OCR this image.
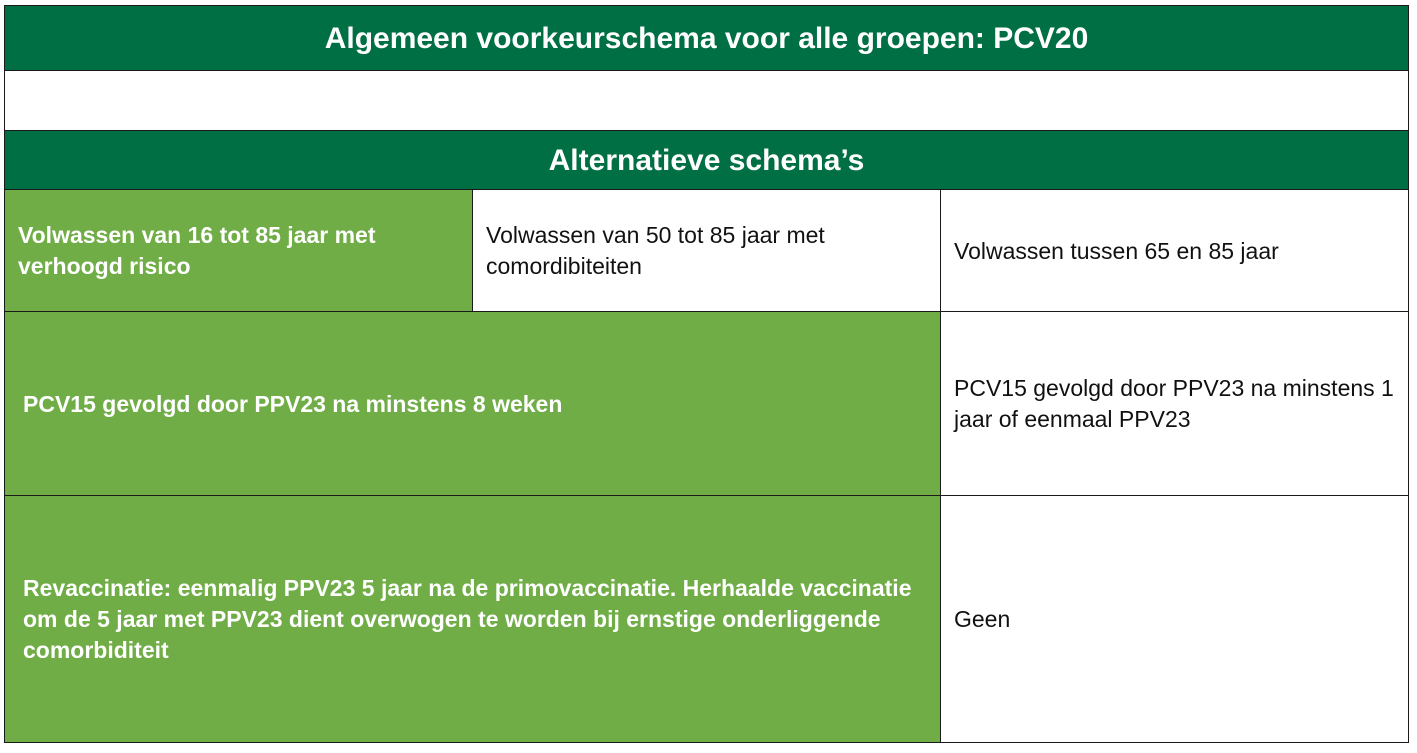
Algemeen voorkeurschema voor alle groepen: PCV20
Alternatieve schema’s
Volwassen van 16 tot 85 jaar met verhoogd risico
Volwassen van 50 tot 85 jaar met comordibiteiten
Volwassen tussen 65 en 85 jaar
PCV15 gevolgd door PPV23 na minstens 8 weken
PCV15 gevolgd door PPV23 na minstens 1 jaar of eenmaal PPV23
Revaccinatie: eenmalig PPV23 5 jaar na de primovaccinatie. Herhaalde vaccinatie om de 5 jaar met PPV23 dient overwogen te worden bij ernstige onderliggende comorbiditeit
Geen
